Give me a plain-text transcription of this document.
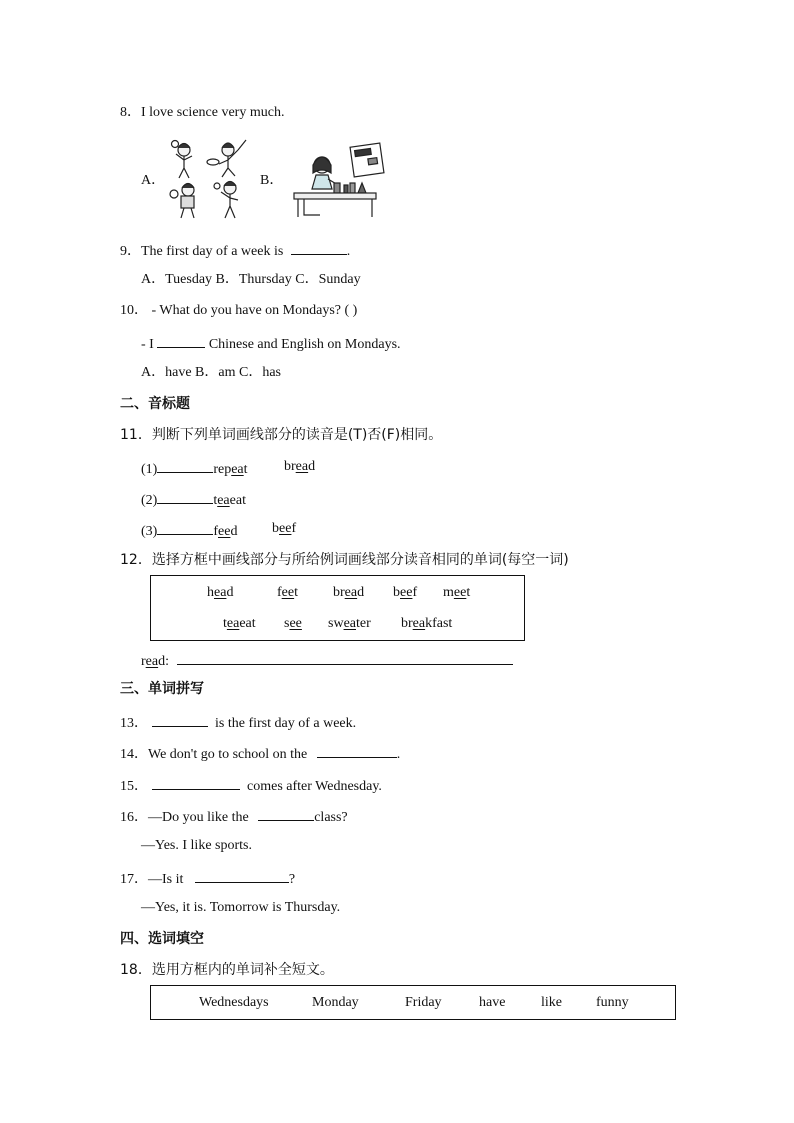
8．I love science very much.
A．	B．
9．The first day of a week is	.
A．Tuesday B．Thursday C．Sunday
10． - What do you have on Mondays? ( )
- I	Chinese and English on Mondays.
A．have B．am C．has
二、音标题
11．判断下列单词画线部分的读音是(T)否(F)相同。
(1)	repeat	bread
(2)	teaeat
(3)	feed beef
12．选择方框中画线部分与所给例词画线部分读音相同的单词(每空一词)
head	feet	bread beef meet
teaeat see sweater breakfast
read:
三、单词拼写
13．	is the first day of a week.
14．We don't go to school on the	.
15．	comes after Wednesday.
16．—Do you like the	class?
—Yes. I like sports.
17．—Is it	?
—Yes, it is. Tomorrow is Thursday.
四、选词填空
18．选用方框内的单词补全短文。
Wednesdays	Monday	Friday	have	like funny
